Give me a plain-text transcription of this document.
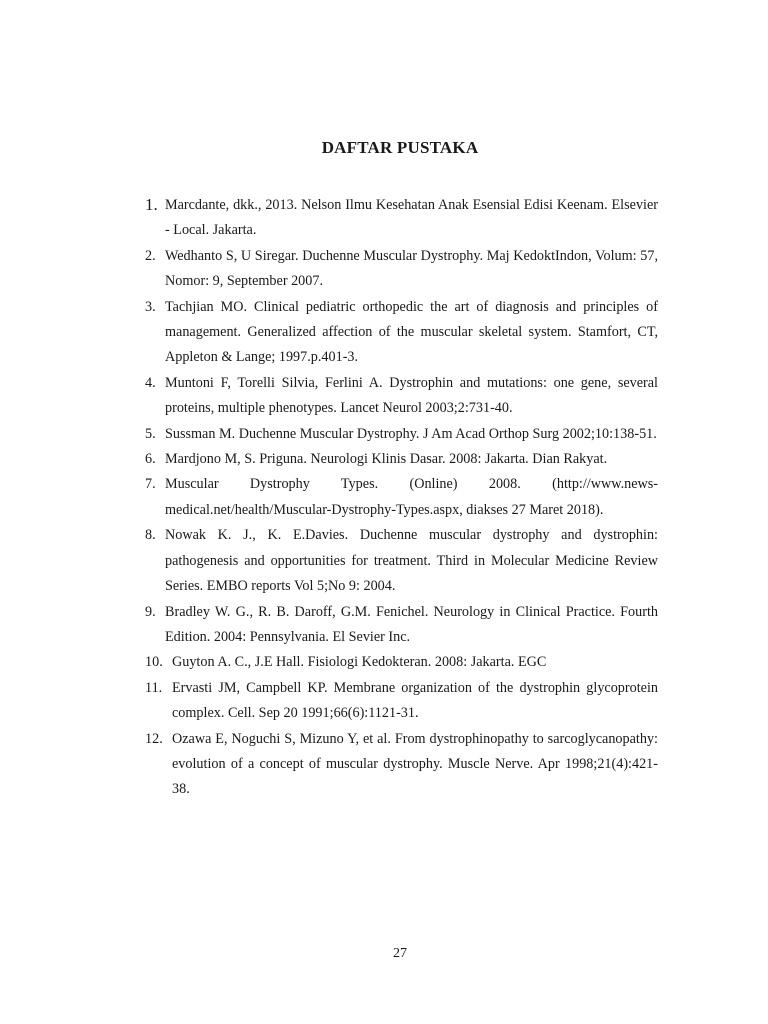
DAFTAR PUSTAKA
1. Marcdante, dkk., 2013. Nelson Ilmu Kesehatan Anak Esensial Edisi Keenam. Elsevier - Local. Jakarta.
2. Wedhanto S, U Siregar. Duchenne Muscular Dystrophy. Maj KedoktIndon, Volum: 57, Nomor: 9, September 2007.
3. Tachjian MO. Clinical pediatric orthopedic the art of diagnosis and principles of management. Generalized affection of the muscular skeletal system. Stamfort, CT, Appleton & Lange; 1997.p.401-3.
4. Muntoni F, Torelli Silvia, Ferlini A. Dystrophin and mutations: one gene, several proteins, multiple phenotypes. Lancet Neurol 2003;2:731-40.
5. Sussman M. Duchenne Muscular Dystrophy. J Am Acad Orthop Surg 2002;10:138-51.
6. Mardjono M, S. Priguna. Neurologi Klinis Dasar. 2008: Jakarta. Dian Rakyat.
7. Muscular Dystrophy Types. (Online) 2008. (http://www.news-medical.net/health/Muscular-Dystrophy-Types.aspx, diakses 27 Maret 2018).
8. Nowak K. J., K. E.Davies. Duchenne muscular dystrophy and dystrophin: pathogenesis and opportunities for treatment. Third in Molecular Medicine Review Series. EMBO reports Vol 5;No 9: 2004.
9. Bradley W. G., R. B. Daroff, G.M. Fenichel. Neurology in Clinical Practice. Fourth Edition. 2004: Pennsylvania. El Sevier Inc.
10. Guyton A. C., J.E Hall. Fisiologi Kedokteran. 2008: Jakarta. EGC
11. Ervasti JM, Campbell KP. Membrane organization of the dystrophin glycoprotein complex. Cell. Sep 20 1991;66(6):1121-31.
12. Ozawa E, Noguchi S, Mizuno Y, et al. From dystrophinopathy to sarcoglycanopathy: evolution of a concept of muscular dystrophy. Muscle Nerve. Apr 1998;21(4):421-38.
27
